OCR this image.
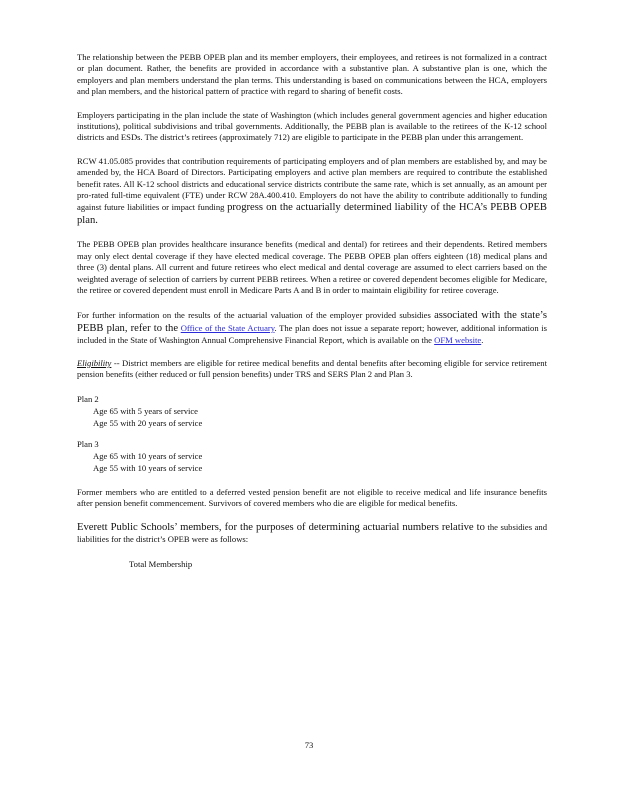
The relationship between the PEBB OPEB plan and its member employers, their employees, and retirees is not formalized in a contract or plan document. Rather, the benefits are provided in accordance with a substantive plan. A substantive plan is one, which the employers and plan members understand the plan terms. This understanding is based on communications between the HCA, employers and plan members, and the historical pattern of practice with regard to sharing of benefit costs.

Employers participating in the plan include the state of Washington (which includes general government agencies and higher education institutions), political subdivisions and tribal governments. Additionally, the PEBB plan is available to the retirees of the K-12 school districts and ESDs. The district’s retirees (approximately 712) are eligible to participate in the PEBB plan under this arrangement.

RCW 41.05.085 provides that contribution requirements of participating employers and of plan members are established by, and may be amended by, the HCA Board of Directors. Participating employers and active plan members are required to contribute the established benefit rates. All K-12 school districts and educational service districts contribute the same rate, which is set annually, as an amount per pro-rated full-time equivalent (FTE) under RCW 28A.400.410. Employers do not have the ability to contribute additionally to funding against future liabilities or impact funding progress on the actuarially determined liability of the HCA’s PEBB OPEB plan.

The PEBB OPEB plan provides healthcare insurance benefits (medical and dental) for retirees and their dependents. Retired members may only elect dental coverage if they have elected medical coverage. The PEBB OPEB plan offers eighteen (18) medical plans and three (3) dental plans. All current and future retirees who elect medical and dental coverage are assumed to elect carriers based on the weighted average of selection of carriers by current PEBB retirees. When a retiree or covered dependent becomes eligible for Medicare, the retiree or covered dependent must enroll in Medicare Parts A and B in order to maintain eligibility for retiree coverage.

For further information on the results of the actuarial valuation of the employer provided subsidies associated with the state’s PEBB plan, refer to the Office of the State Actuary. The plan does not issue a separate report; however, additional information is included in the State of Washington Annual Comprehensive Financial Report, which is available on the OFM website.

Eligibility -- District members are eligible for retiree medical benefits and dental benefits after becoming eligible for service retirement pension benefits (either reduced or full pension benefits) under TRS and SERS Plan 2 and Plan 3.

Plan 2
Age 65 with 5 years of service
Age 55 with 20 years of service
Plan 3
Age 65 with 10 years of service
Age 55 with 10 years of service

Former members who are entitled to a deferred vested pension benefit are not eligible to receive medical and life insurance benefits after pension benefit commencement. Survivors of covered members who die are eligible for medical benefits.

Everett Public Schools’ members, for the purposes of determining actuarial numbers relative to the subsidies and liabilities for the district’s OPEB were as follows:

Total Membership
73
